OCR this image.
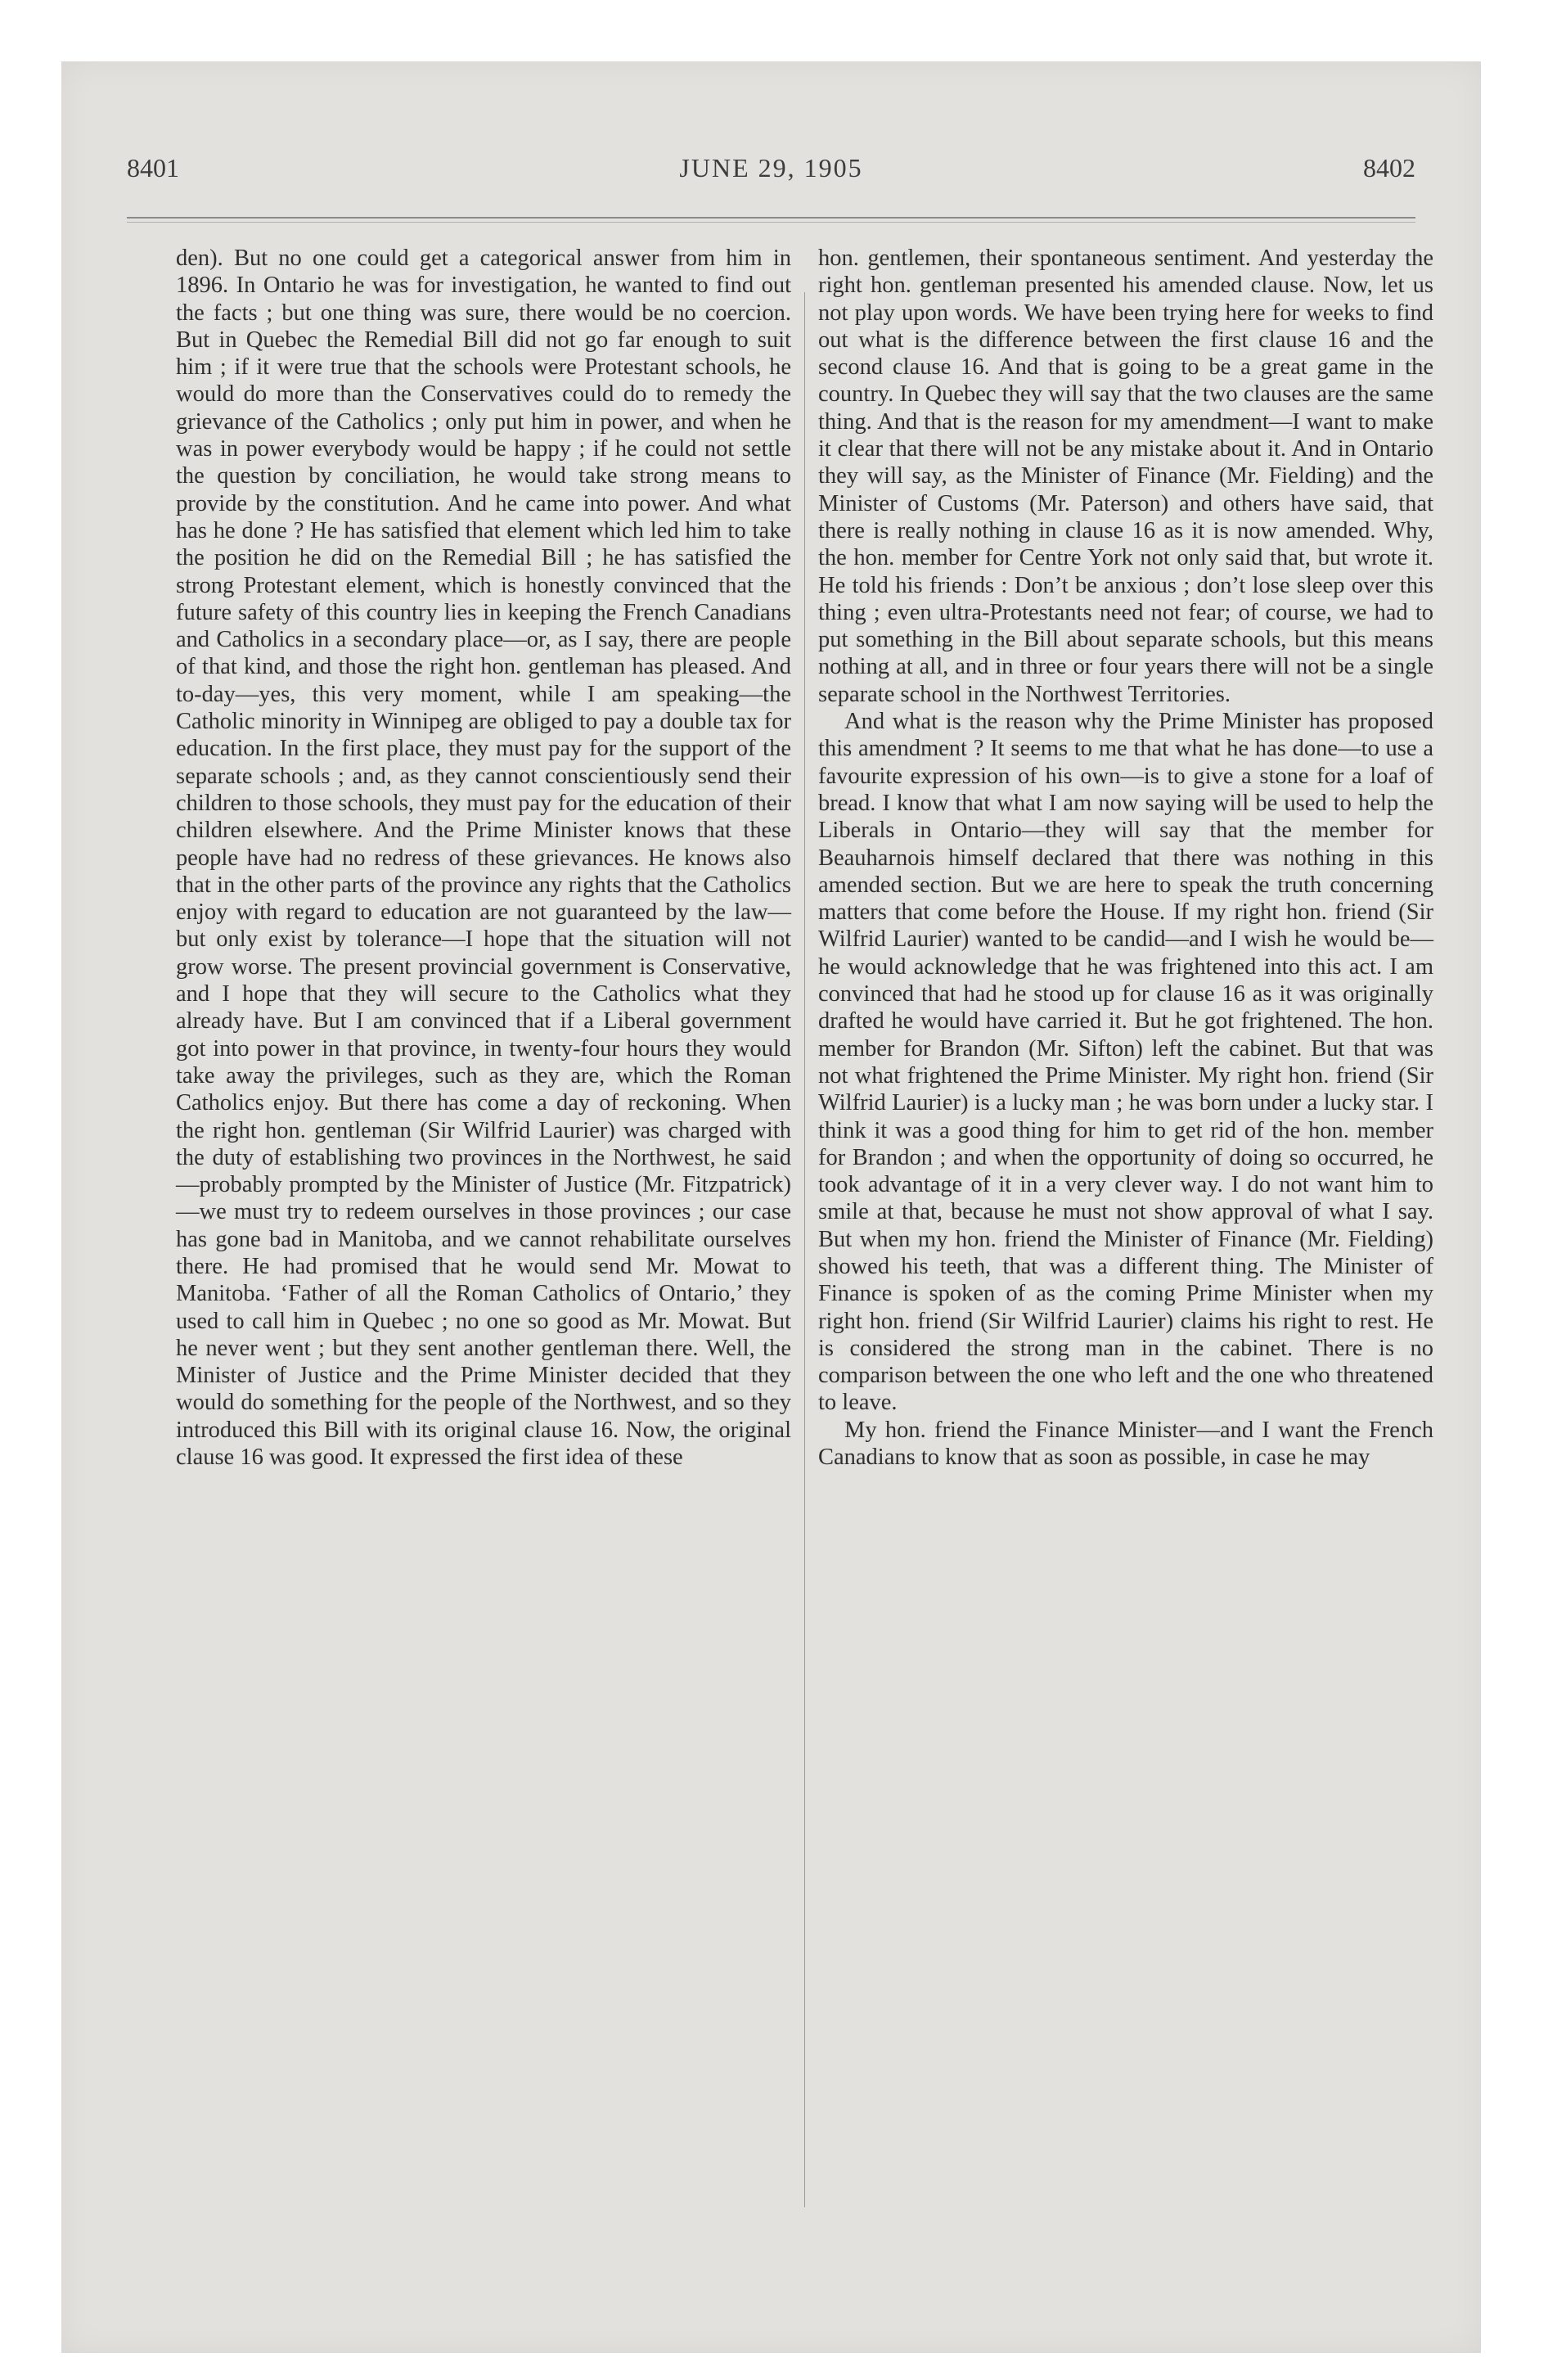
8401	JUNE 29, 1905	8402

den). But no one could get a categorical answer from him in 1896. In Ontario he was for investigation, he wanted to find out the facts ; but one thing was sure, there would be no coercion. But in Quebec the Remedial Bill did not go far enough to suit him ; if it were true that the schools were Protestant schools, he would do more than the Conservatives could do to remedy the grievance of the Catholics ; only put him in power, and when he was in power everybody would be happy ; if he could not settle the question by conciliation, he would take strong means to provide by the constitution. And he came into power. And what has he done ? He has satisfied that element which led him to take the position he did on the Remedial Bill ; he has satisfied the strong Protestant element, which is honestly convinced that the future safety of this country lies in keeping the French Canadians and Catholics in a secondary place—or, as I say, there are people of that kind, and those the right hon. gentleman has pleased. And to-day—yes, this very moment, while I am speaking—the Catholic minority in Winnipeg are obliged to pay a double tax for education. In the first place, they must pay for the support of the separate schools ; and, as they cannot conscientiously send their children to those schools, they must pay for the education of their children elsewhere. And the Prime Minister knows that these people have had no redress of these grievances. He knows also that in the other parts of the province any rights that the Catholics enjoy with regard to education are not guaranteed by the law—but only exist by tolerance—I hope that the situation will not grow worse. The present provincial government is Conservative, and I hope that they will secure to the Catholics what they already have. But I am convinced that if a Liberal government got into power in that province, in twenty-four hours they would take away the privileges, such as they are, which the Roman Catholics enjoy. But there has come a day of reckoning. When the right hon. gentleman (Sir Wilfrid Laurier) was charged with the duty of establishing two provinces in the Northwest, he said—probably prompted by the Minister of Justice (Mr. Fitzpatrick)—we must try to redeem ourselves in those provinces ; our case has gone bad in Manitoba, and we cannot rehabilitate ourselves there. He had promised that he would send Mr. Mowat to Manitoba. ‘Father of all the Roman Catholics of Ontario,’ they used to call him in Quebec ; no one so good as Mr. Mowat. But he never went ; but they sent another gentleman there. Well, the Minister of Justice and the Prime Minister decided that they would do something for the people of the Northwest, and so they introduced this Bill with its original clause 16. Now, the original clause 16 was good. It expressed the first idea of these

hon. gentlemen, their spontaneous sentiment. And yesterday the right hon. gentleman presented his amended clause. Now, let us not play upon words. We have been trying here for weeks to find out what is the difference between the first clause 16 and the second clause 16. And that is going to be a great game in the country. In Quebec they will say that the two clauses are the same thing. And that is the reason for my amendment—I want to make it clear that there will not be any mistake about it. And in Ontario they will say, as the Minister of Finance (Mr. Fielding) and the Minister of Customs (Mr. Paterson) and others have said, that there is really nothing in clause 16 as it is now amended. Why, the hon. member for Centre York not only said that, but wrote it. He told his friends : Don’t be anxious ; don’t lose sleep over this thing ; even ultra-Protestants need not fear; of course, we had to put something in the Bill about separate schools, but this means nothing at all, and in three or four years there will not be a single separate school in the Northwest Territories.

And what is the reason why the Prime Minister has proposed this amendment ? It seems to me that what he has done—to use a favourite expression of his own—is to give a stone for a loaf of bread. I know that what I am now saying will be used to help the Liberals in Ontario—they will say that the member for Beauharnois himself declared that there was nothing in this amended section. But we are here to speak the truth concerning matters that come before the House. If my right hon. friend (Sir Wilfrid Laurier) wanted to be candid—and I wish he would be—he would acknowledge that he was frightened into this act. I am convinced that had he stood up for clause 16 as it was originally drafted he would have carried it. But he got frightened. The hon. member for Brandon (Mr. Sifton) left the cabinet. But that was not what frightened the Prime Minister. My right hon. friend (Sir Wilfrid Laurier) is a lucky man ; he was born under a lucky star. I think it was a good thing for him to get rid of the hon. member for Brandon ; and when the opportunity of doing so occurred, he took advantage of it in a very clever way. I do not want him to smile at that, because he must not show approval of what I say. But when my hon. friend the Minister of Finance (Mr. Fielding) showed his teeth, that was a different thing. The Minister of Finance is spoken of as the coming Prime Minister when my right hon. friend (Sir Wilfrid Laurier) claims his right to rest. He is considered the strong man in the cabinet. There is no comparison between the one who left and the one who threatened to leave.

My hon. friend the Finance Minister—and I want the French Canadians to know that as soon as possible, in case he may
